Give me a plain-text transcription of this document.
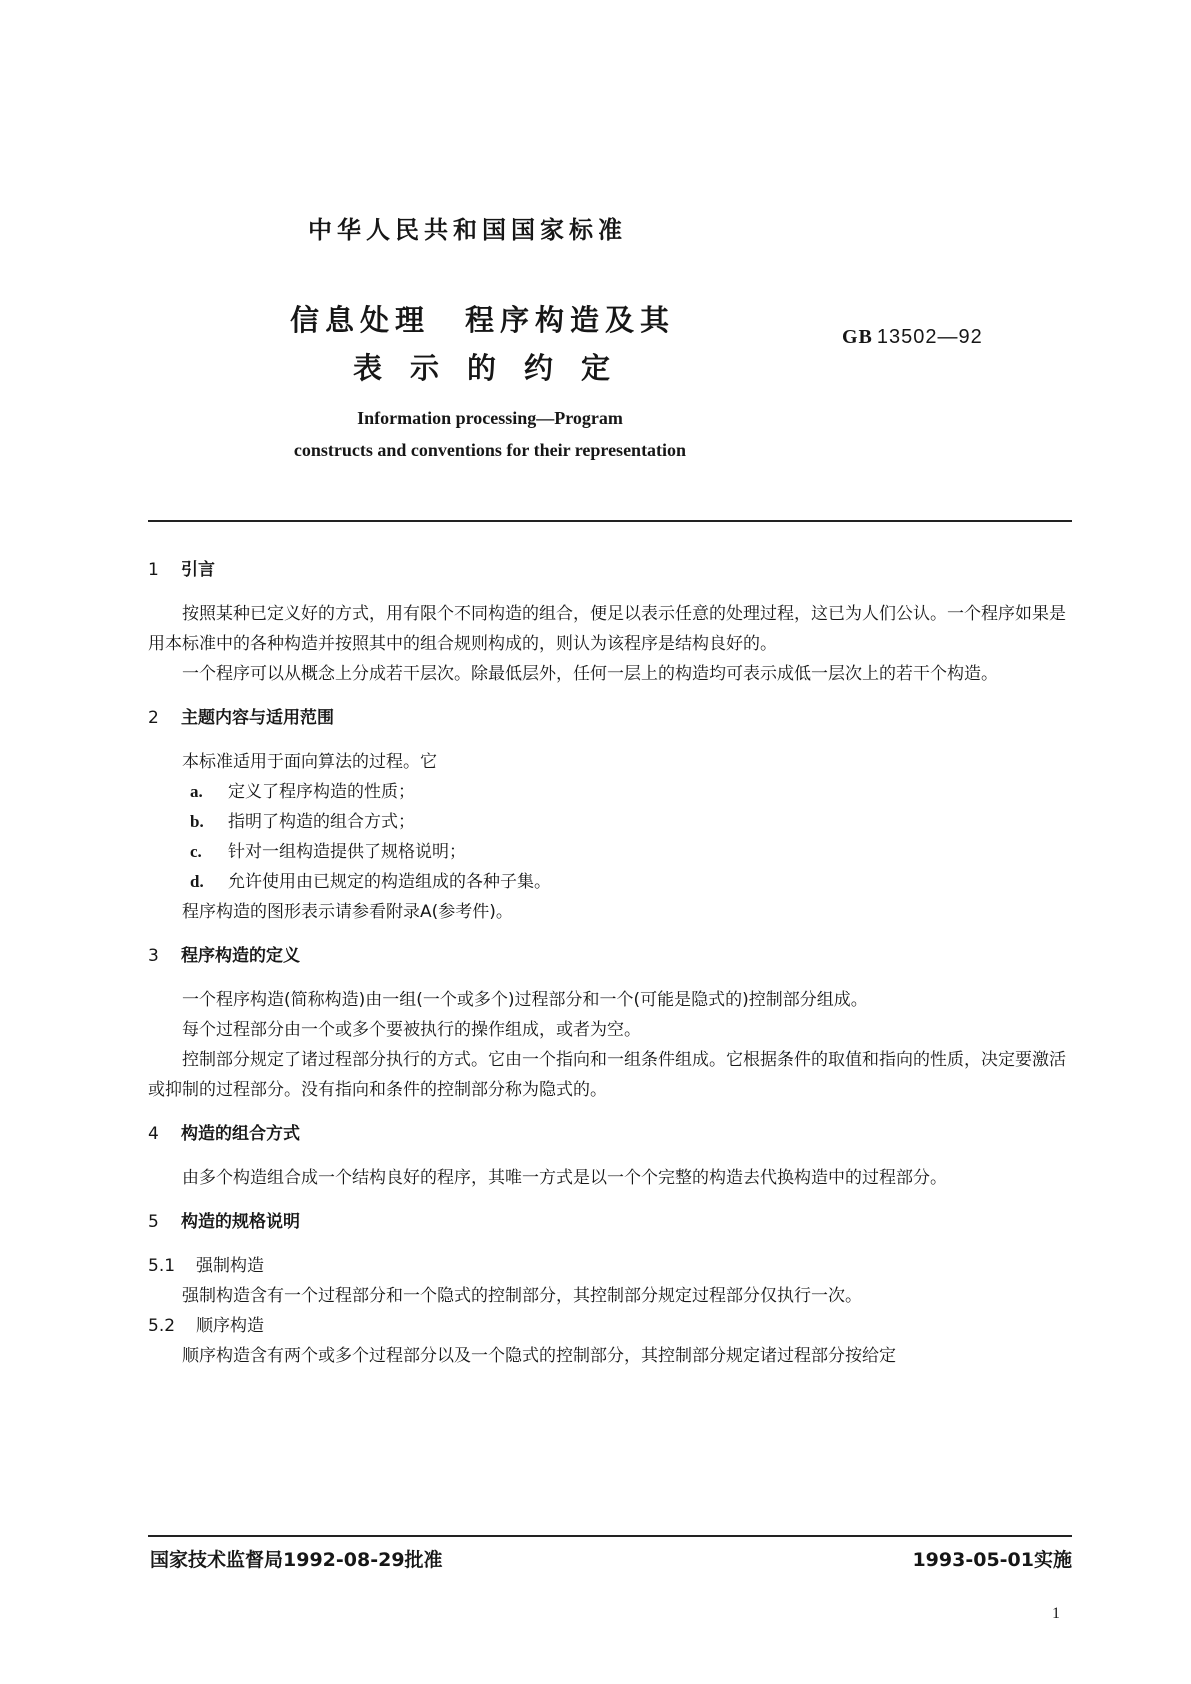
中华人民共和国国家标准
信息处理　程序构造及其
表示的约定
GB 13502—92
Information processing—Program
constructs and conventions for their representation

1 引言

按照某种已定义好的方式，用有限个不同构造的组合，便足以表示任意的处理过程，这已为人们公认。一个程序如果是用本标准中的各种构造并按照其中的组合规则构成的，则认为该程序是结构良好的。

一个程序可以从概念上分成若干层次。除最低层外，任何一层上的构造均可表示成低一层次上的若干个构造。

2 主题内容与适用范围

本标准适用于面向算法的过程。它

a. 定义了程序构造的性质；

b. 指明了构造的组合方式；

c. 针对一组构造提供了规格说明；

d. 允许使用由已规定的构造组成的各种子集。

程序构造的图形表示请参看附录A(参考件)。

3 程序构造的定义

一个程序构造(简称构造)由一组(一个或多个)过程部分和一个(可能是隐式的)控制部分组成。

每个过程部分由一个或多个要被执行的操作组成，或者为空。

控制部分规定了诸过程部分执行的方式。它由一个指向和一组条件组成。它根据条件的取值和指向的性质，决定要激活或抑制的过程部分。没有指向和条件的控制部分称为隐式的。

4 构造的组合方式

由多个构造组合成一个结构良好的程序，其唯一方式是以一个个完整的构造去代换构造中的过程部分。

5 构造的规格说明

5.1 强制构造

强制构造含有一个过程部分和一个隐式的控制部分，其控制部分规定过程部分仅执行一次。

5.2 顺序构造

顺序构造含有两个或多个过程部分以及一个隐式的控制部分，其控制部分规定诸过程部分按给定

国家技术监督局1992-08-29批准	1993-05-01实施
1
